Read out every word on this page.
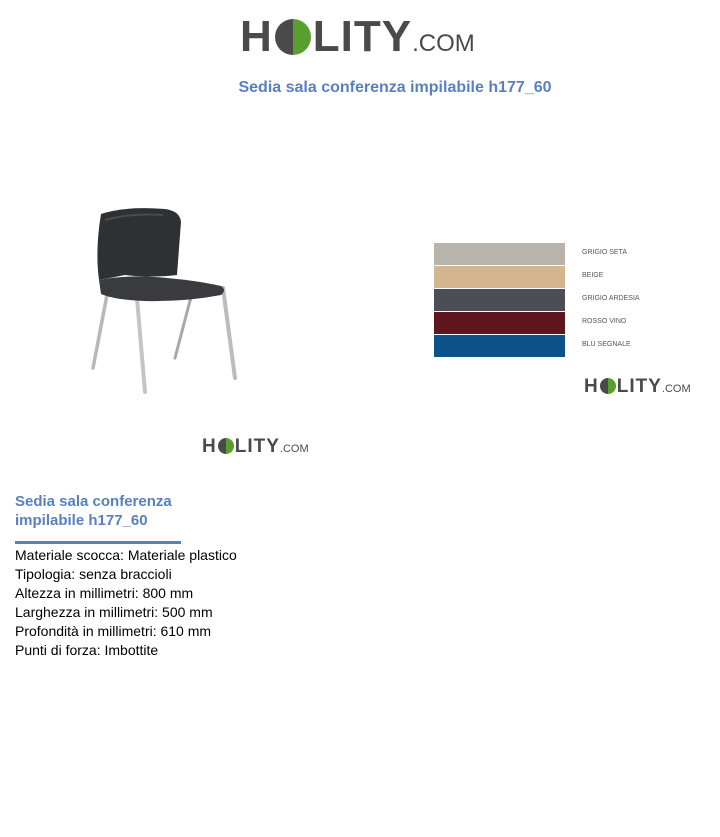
H LITY .COM
Sedia sala conferenza impilabile h177_60
GRIGIO SETA
BEIGE
GRIGIO ARDESIA
ROSSO VINO
BLU SEGNALE
H LITY .COM
H LITY .COM
Sedia sala conferenza impilabile h177_60
Materiale scocca: Materiale plastico
Tipologia: senza braccioli
Altezza in millimetri: 800 mm
Larghezza in millimetri: 500 mm
Profondità in millimetri: 610 mm
Punti di forza: Imbottite
